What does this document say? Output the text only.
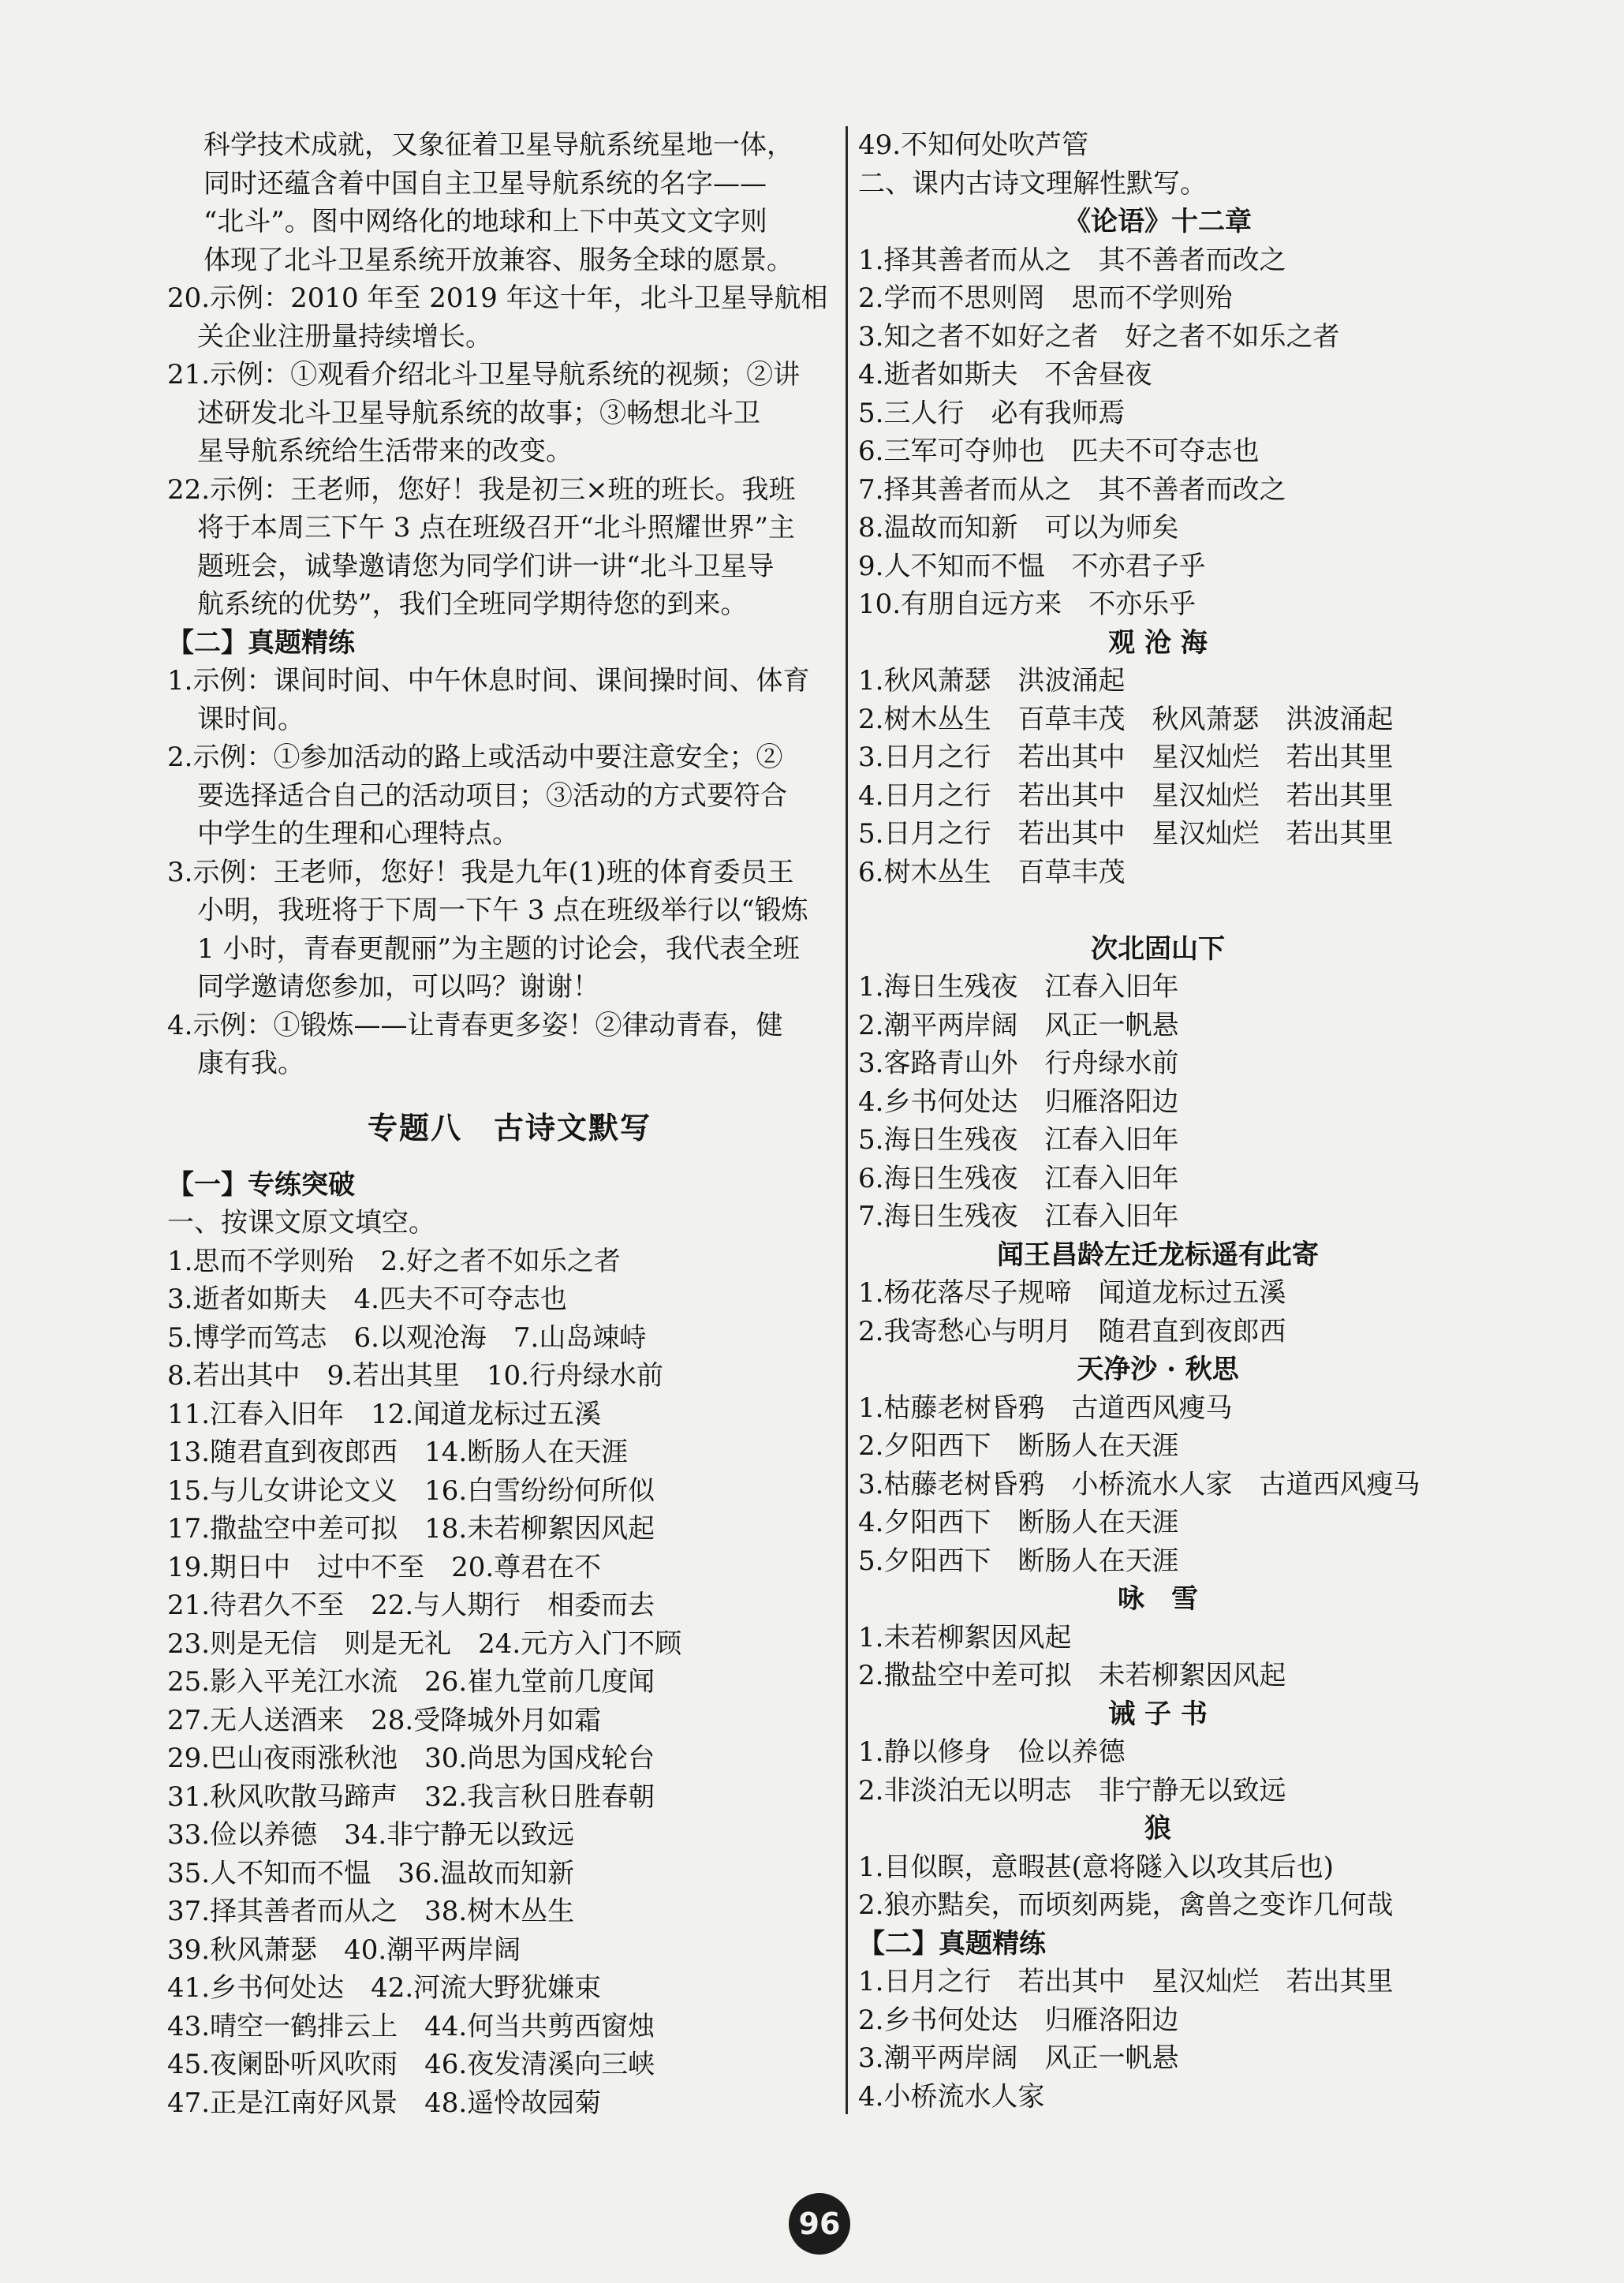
科学技术成就，又象征着卫星导航系统星地一体，
同时还蕴含着中国自主卫星导航系统的名字——
“北斗”。图中网络化的地球和上下中英文文字则
体现了北斗卫星系统开放兼容、服务全球的愿景。
20.示例：2010 年至 2019 年这十年，北斗卫星导航相
关企业注册量持续增长。
21.示例：①观看介绍北斗卫星导航系统的视频；②讲
述研发北斗卫星导航系统的故事；③畅想北斗卫
星导航系统给生活带来的改变。
22.示例：王老师，您好！我是初三×班的班长。我班
将于本周三下午 3 点在班级召开“北斗照耀世界”主
题班会，诚挚邀请您为同学们讲一讲“北斗卫星导
航系统的优势”，我们全班同学期待您的到来。
【二】真题精练
1.示例：课间时间、中午休息时间、课间操时间、体育
课时间。
2.示例：①参加活动的路上或活动中要注意安全；②
要选择适合自己的活动项目；③活动的方式要符合
中学生的生理和心理特点。
3.示例：王老师，您好！我是九年(1)班的体育委员王
小明，我班将于下周一下午 3 点在班级举行以“锻炼
1 小时，青春更靓丽”为主题的讨论会，我代表全班
同学邀请您参加，可以吗？谢谢！
4.示例：①锻炼——让青春更多姿！②律动青春，健
康有我。
专题八　古诗文默写
【一】专练突破
一、按课文原文填空。
1.思而不学则殆　2.好之者不如乐之者
3.逝者如斯夫　4.匹夫不可夺志也
5.博学而笃志　6.以观沧海　7.山岛竦峙
8.若出其中　9.若出其里　10.行舟绿水前
11.江春入旧年　12.闻道龙标过五溪
13.随君直到夜郎西　14.断肠人在天涯
15.与儿女讲论文义　16.白雪纷纷何所似
17.撒盐空中差可拟　18.未若柳絮因风起
19.期日中　过中不至　20.尊君在不
21.待君久不至　22.与人期行　相委而去
23.则是无信　则是无礼　24.元方入门不顾
25.影入平羌江水流　26.崔九堂前几度闻
27.无人送酒来　28.受降城外月如霜
29.巴山夜雨涨秋池　30.尚思为国戍轮台
31.秋风吹散马蹄声　32.我言秋日胜春朝
33.俭以养德　34.非宁静无以致远
35.人不知而不愠　36.温故而知新
37.择其善者而从之　38.树木丛生
39.秋风萧瑟　40.潮平两岸阔
41.乡书何处达　42.河流大野犹嫌束
43.晴空一鹤排云上　44.何当共剪西窗烛
45.夜阑卧听风吹雨　46.夜发清溪向三峡
47.正是江南好风景　48.遥怜故园菊
49.不知何处吹芦管
二、课内古诗文理解性默写。
《论语》十二章
1.择其善者而从之　其不善者而改之
2.学而不思则罔　思而不学则殆
3.知之者不如好之者　好之者不如乐之者
4.逝者如斯夫　不舍昼夜
5.三人行　必有我师焉
6.三军可夺帅也　匹夫不可夺志也
7.择其善者而从之　其不善者而改之
8.温故而知新　可以为师矣
9.人不知而不愠　不亦君子乎
10.有朋自远方来　不亦乐乎
观 沧 海
1.秋风萧瑟　洪波涌起
2.树木丛生　百草丰茂　秋风萧瑟　洪波涌起
3.日月之行　若出其中　星汉灿烂　若出其里
4.日月之行　若出其中　星汉灿烂　若出其里
5.日月之行　若出其中　星汉灿烂　若出其里
6.树木丛生　百草丰茂

次北固山下
1.海日生残夜　江春入旧年
2.潮平两岸阔　风正一帆悬
3.客路青山外　行舟绿水前
4.乡书何处达　归雁洛阳边
5.海日生残夜　江春入旧年
6.海日生残夜　江春入旧年
7.海日生残夜　江春入旧年
闻王昌龄左迁龙标遥有此寄
1.杨花落尽子规啼　闻道龙标过五溪
2.我寄愁心与明月　随君直到夜郎西
天净沙 · 秋思
1.枯藤老树昏鸦　古道西风瘦马
2.夕阳西下　断肠人在天涯
3.枯藤老树昏鸦　小桥流水人家　古道西风瘦马
4.夕阳西下　断肠人在天涯
5.夕阳西下　断肠人在天涯
咏　雪
1.未若柳絮因风起
2.撒盐空中差可拟　未若柳絮因风起
诫 子 书
1.静以修身　俭以养德
2.非淡泊无以明志　非宁静无以致远
狼
1.目似瞑，意暇甚(意将隧入以攻其后也)
2.狼亦黠矣，而顷刻两毙，禽兽之变诈几何哉
【二】真题精练
1.日月之行　若出其中　星汉灿烂　若出其里
2.乡书何处达　归雁洛阳边
3.潮平两岸阔　风正一帆悬
4.小桥流水人家
96
